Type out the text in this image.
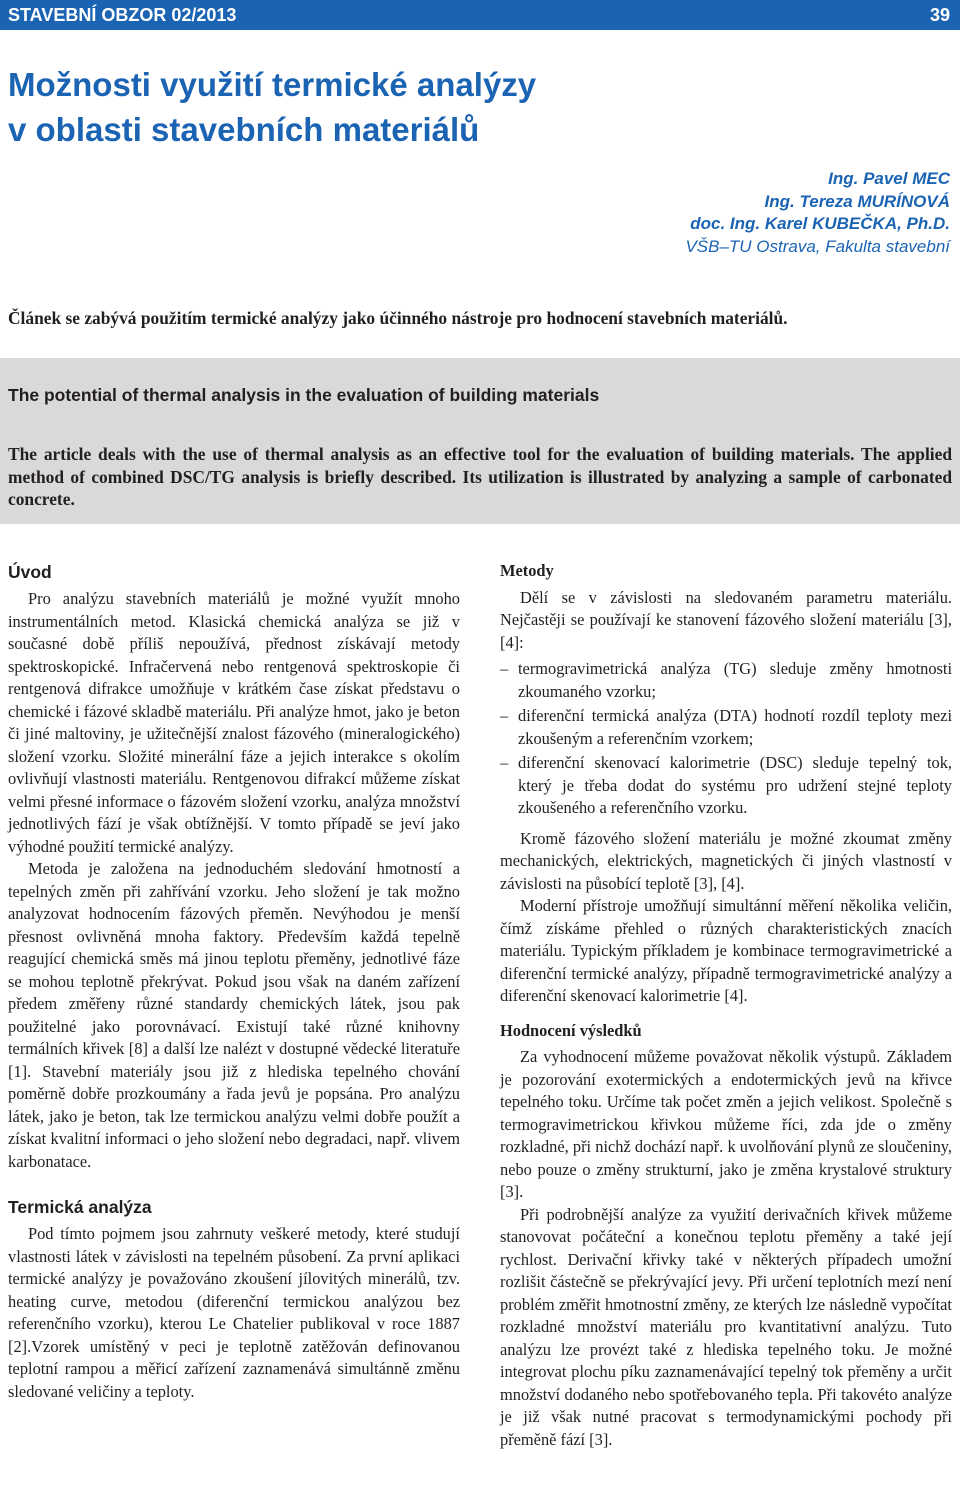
STAVEBNÍ OBZOR 02/2013	39
Možnosti využití termické analýzy
v oblasti stavebních materiálů
Ing. Pavel MEC
Ing. Tereza MURÍNOVÁ
doc. Ing. Karel KUBEČKA, Ph.D.
VŠB–TU Ostrava, Fakulta stavební

Článek se zabývá použitím termické analýzy jako účinného nástroje pro hodnocení stavebních materiálů.

The potential of thermal analysis in the evaluation of building materials

The article deals with the use of thermal analysis as an effective tool for the evaluation of building materials. The applied method of combined DSC/TG analysis is briefly described. Its utilization is illustrated by analyzing a sample of carbonated concrete.

Úvod

Pro analýzu stavebních materiálů je možné využít mnoho instrumentálních metod. Klasická chemická analýza se již v současné době příliš nepoužívá, přednost získávají metody spektroskopické. Infračervená nebo rentgenová spektroskopie či rentgenová difrakce umožňuje v krátkém čase získat představu o chemické i fázové skladbě materiálu. Při analýze hmot, jako je beton či jiné maltoviny, je užitečnější znalost fázového (mineralogického) složení vzorku. Složité minerální fáze a jejich interakce s okolím ovlivňují vlastnosti materiálu. Rentgenovou difrakcí můžeme získat velmi přesné informace o fázovém složení vzorku, analýza množství jednotlivých fází je však obtížnější. V tomto případě se jeví jako výhodné použití termické analýzy.

Metoda je založena na jednoduchém sledování hmotností a tepelných změn při zahřívání vzorku. Jeho složení je tak možno analyzovat hodnocením fázových přeměn. Nevýhodou je menší přesnost ovlivněná mnoha faktory. Především každá tepelně reagující chemická směs má jinou teplotu přeměny, jednotlivé fáze se mohou teplotně překrývat. Pokud jsou však na daném zařízení předem změřeny různé standardy chemických látek, jsou pak použitelné jako porovnávací. Existují také různé knihovny termálních křivek [8] a další lze nalézt v dostupné vědecké literatuře [1]. Stavební materiály jsou již z hlediska tepelného chování poměrně dobře prozkoumány a řada jevů je popsána. Pro analýzu látek, jako je beton, tak lze termickou analýzu velmi dobře použít a získat kvalitní informaci o jeho složení nebo degradaci, např. vlivem karbonatace.

Termická analýza

Pod tímto pojmem jsou zahrnuty veškeré metody, které studují vlastnosti látek v závislosti na tepelném působení. Za první aplikaci termické analýzy je považováno zkoušení jílovitých minerálů, tzv. heating curve, metodou (diferenční termickou analýzou bez referenčního vzorku), kterou Le Chatelier publikoval v roce 1887 [2].Vzorek umístěný v peci je teplotně zatěžován definovanou teplotní rampou a měřicí zařízení zaznamenává simultánně změnu sledované veličiny a teploty.

Metody

Dělí se v závislosti na sledovaném parametru materiálu. Nejčastěji se používají ke stanovení fázového složení materiálu [3], [4]:

– termogravimetrická analýza (TG) sleduje změny hmotnosti zkoumaného vzorku;
– diferenční termická analýza (DTA) hodnotí rozdíl teploty mezi zkoušeným a referenčním vzorkem;
– diferenční skenovací kalorimetrie (DSC) sleduje tepelný tok, který je třeba dodat do systému pro udržení stejné teploty zkoušeného a referenčního vzorku.

Kromě fázového složení materiálu je možné zkoumat změny mechanických, elektrických, magnetických či jiných vlastností v závislosti na působící teplotě [3], [4].

Moderní přístroje umožňují simultánní měření několika veličin, čímž získáme přehled o různých charakteristických znacích materiálu. Typickým příkladem je kombinace termogravimetrické a diferenční termické analýzy, případně termogravimetrické analýzy a diferenční skenovací kalorimetrie [4].

Hodnocení výsledků

Za vyhodnocení můžeme považovat několik výstupů. Základem je pozorování exotermických a endotermických jevů na křivce tepelného toku. Určíme tak počet změn a jejich velikost. Společně s termogravimetrickou křivkou můžeme říci, zda jde o změny rozkladné, při nichž dochází např. k uvolňování plynů ze sloučeniny, nebo pouze o změny strukturní, jako je změna krystalové struktury [3].

Při podrobnější analýze za využití derivačních křivek můžeme stanovovat počáteční a konečnou teplotu přeměny a také její rychlost. Derivační křivky také v některých případech umožní rozlišit částečně se překrývající jevy. Při určení teplotních mezí není problém změřit hmotnostní změny, ze kterých lze následně vypočítat rozkladné množství materiálu pro kvantitativní analýzu. Tuto analýzu lze provézt také z hlediska tepelného toku. Je možné integrovat plochu píku zaznamenávající tepelný tok přeměny a určit množství dodaného nebo spotřebovaného tepla. Při takovéto analýze je již však nutné pracovat s termodynamickými pochody při přeměně fází [3].
